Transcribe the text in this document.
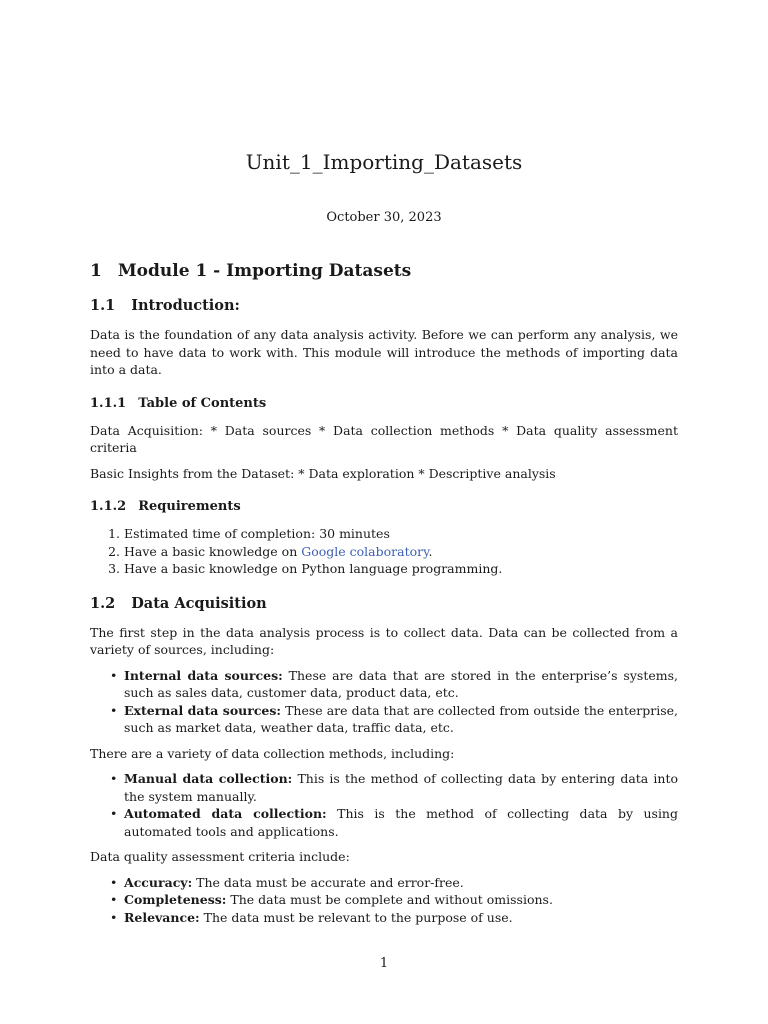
Unit_1_Importing_Datasets
October 30, 2023
1 Module 1 - Importing Datasets
1.1 Introduction:

Data is the foundation of any data analysis activity. Before we can perform any analysis, we need to have data to work with. This module will introduce the methods of importing data into a data.

1.1.1 Table of Contents

Data Acquisition: * Data sources * Data collection methods * Data quality assessment criteria

Basic Insights from the Dataset: * Data exploration * Descriptive analysis

1.1.2 Requirements
1. Estimated time of completion: 30 minutes
2. Have a basic knowledge on Google colaboratory.
3. Have a basic knowledge on Python language programming.
1.2 Data Acquisition

The first step in the data analysis process is to collect data. Data can be collected from a variety of sources, including:

• Internal data sources: These are data that are stored in the enterprise’s systems, such as sales data, customer data, product data, etc.
• External data sources: These are data that are collected from outside the enterprise, such as market data, weather data, traffic data, etc.

There are a variety of data collection methods, including:

• Manual data collection: This is the method of collecting data by entering data into the system manually.
• Automated data collection: This is the method of collecting data by using automated tools and applications.

Data quality assessment criteria include:

• Accuracy: The data must be accurate and error-free.
• Completeness: The data must be complete and without omissions.
• Relevance: The data must be relevant to the purpose of use.
1
